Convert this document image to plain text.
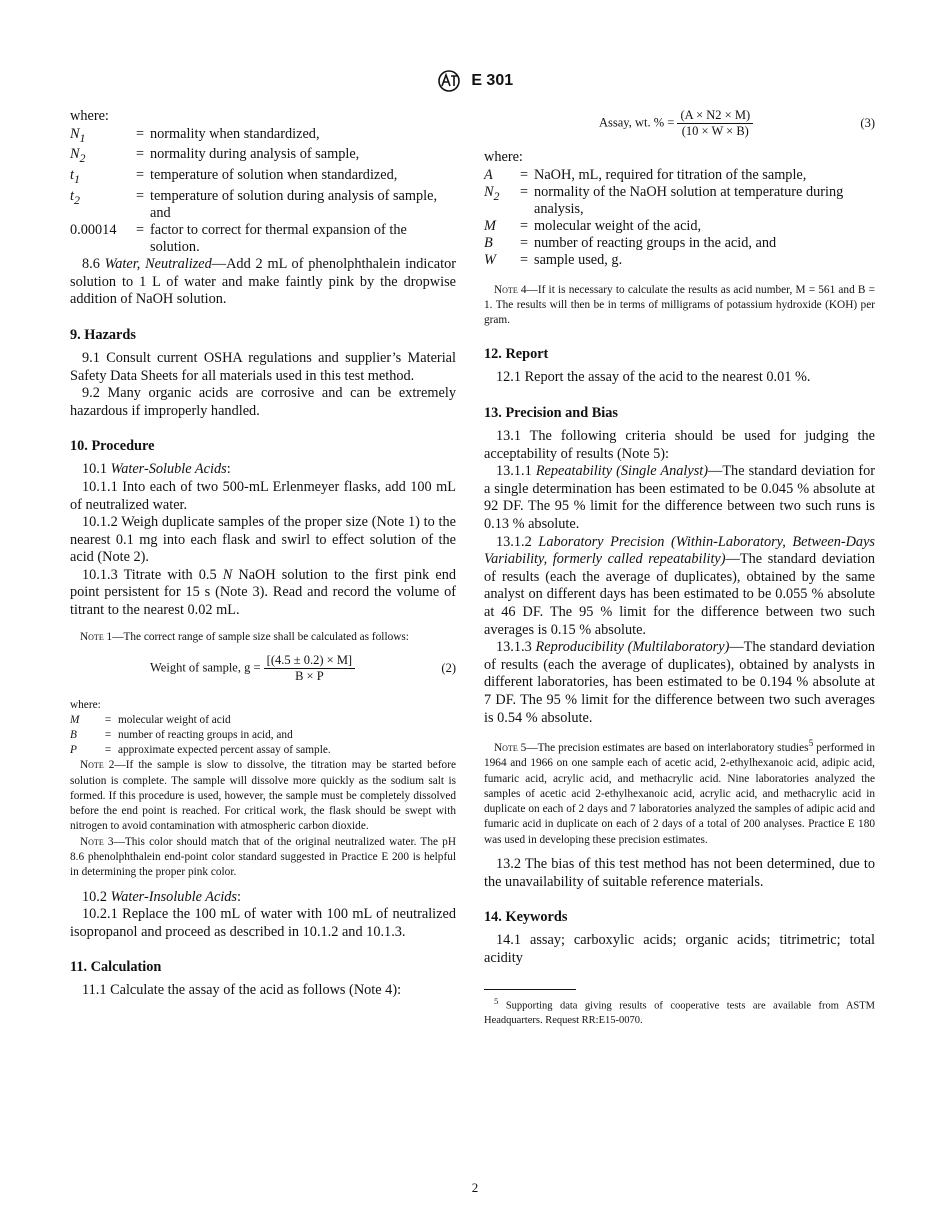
E 301
where:
$N_1$	=	normality when standardized,
$N_2$	=	normality during analysis of sample,
$t_1$	=	temperature of solution when standardized,
$t_2$	=	temperature of solution during analysis of sample, and
0.00014	=	factor to correct for thermal expansion of the solution.

8.6 Water, Neutralized—Add 2 mL of phenolphthalein indicator solution to 1 L of water and make faintly pink by the dropwise addition of NaOH solution.

9. Hazards

9.1 Consult current OSHA regulations and supplier’s Material Safety Data Sheets for all materials used in this test method.

9.2 Many organic acids are corrosive and can be extremely hazardous if improperly handled.

10. Procedure

10.1 Water-Soluble Acids:

10.1.1 Into each of two 500-mL Erlenmeyer flasks, add 100 mL of neutralized water.

10.1.2 Weigh duplicate samples of the proper size (Note 1) to the nearest 0.1 mg into each flask and swirl to effect solution of the acid (Note 2).

10.1.3 Titrate with 0.5 N NaOH solution to the first pink end point persistent for 15 s (Note 3). Read and record the volume of titrant to the nearest 0.02 mL.

Note 1—The correct range of sample size shall be calculated as follows:

Weight of sample, $g = \frac{[(4.5 \pm 0.2) \times M]}{B \times P}$	(2)
where:
M	=	molecular weight of acid
B	=	number of reacting groups in acid, and
P	=	approximate expected percent assay of sample.

Note 2—If the sample is slow to dissolve, the titration may be started before solution is complete. The sample will dissolve more quickly as the sodium salt is formed. If this procedure is used, however, the sample must be completely dissolved before the end point is reached. For critical work, the flask should be swept with nitrogen to avoid contamination with atmospheric carbon dioxide.

Note 3—This color should match that of the original neutralized water. The pH 8.6 phenolphthalein end-point color standard suggested in Practice E 200 is helpful in determining the proper pink color.

10.2 Water-Insoluble Acids:

10.2.1 Replace the 100 mL of water with 100 mL of neutralized isopropanol and proceed as described in 10.1.2 and 10.1.3.

11. Calculation

11.1 Calculate the assay of the acid as follows (Note 4):

Assay, wt. % = $\frac{(A \times N2 \times M)}{(10 \times W \times B)}$	(3)
where:
A	=	NaOH, mL, required for titration of the sample,
$N_2$	=	normality of the NaOH solution at temperature during analysis,
M	=	molecular weight of the acid,
B	=	number of reacting groups in the acid, and
W	=	sample used, g.

Note 4—If it is necessary to calculate the results as acid number, M = 561 and B = 1. The results will then be in terms of milligrams of potassium hydroxide (KOH) per gram.

12. Report

12.1 Report the assay of the acid to the nearest 0.01 %.

13. Precision and Bias

13.1 The following criteria should be used for judging the acceptability of results (Note 5):

13.1.1 Repeatability (Single Analyst)—The standard deviation for a single determination has been estimated to be 0.045 % absolute at 92 DF. The 95 % limit for the difference between two such runs is 0.13 % absolute.

13.1.2 Laboratory Precision (Within-Laboratory, Between-Days Variability, formerly called repeatability)—The standard deviation of results (each the average of duplicates), obtained by the same analyst on different days has been estimated to be 0.055 % absolute at 46 DF. The 95 % limit for the difference between two such averages is 0.15 % absolute.

13.1.3 Reproducibility (Multilaboratory)—The standard deviation of results (each the average of duplicates), obtained by analysts in different laboratories, has been estimated to be 0.194 % absolute at 7 DF. The 95 % limit for the difference between two such averages is 0.54 % absolute.

Note 5—The precision estimates are based on interlaboratory studies$^5$ performed in 1964 and 1966 on one sample each of acetic acid, 2-ethylhexanoic acid, adipic acid, fumaric acid, acrylic acid, and methacrylic acid. Nine laboratories analyzed the samples of acetic acid 2-ethylhexanoic acid, acrylic acid, and methacrylic acid in duplicate on each of 2 days and 7 laboratories analyzed the samples of adipic acid and fumaric acid in duplicate on each of 2 days of a total of 200 analyses. Practice E 180 was used in developing these precision estimates.

13.2 The bias of this test method has not been determined, due to the unavailability of suitable reference materials.

14. Keywords

14.1 assay; carboxylic acids; organic acids; titrimetric; total acidity

$^5$ Supporting data giving results of cooperative tests are available from ASTM Headquarters. Request RR:E15-0070.

2
